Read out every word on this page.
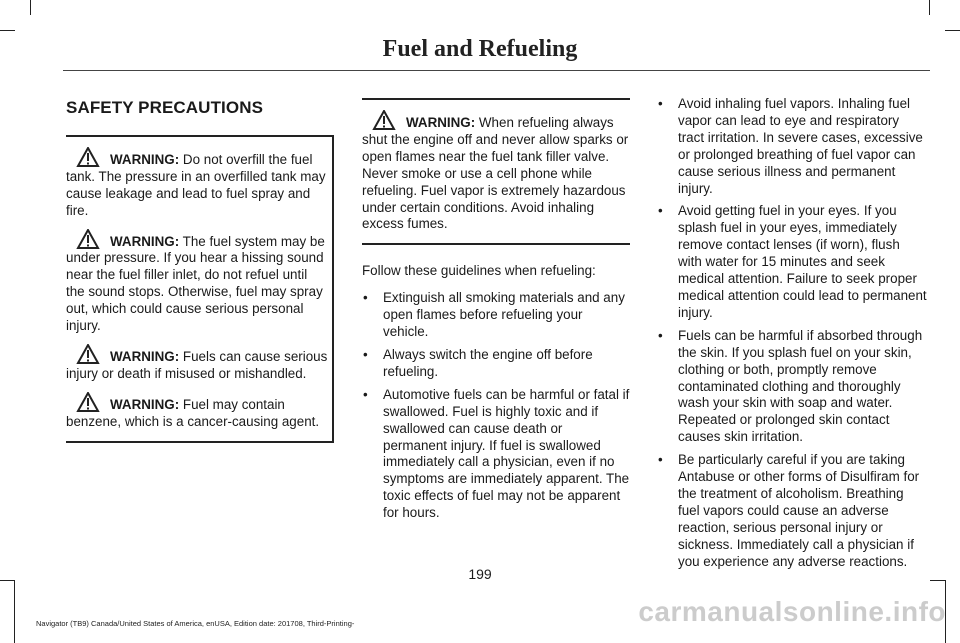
Fuel and Refueling
SAFETY PRECAUTIONS
WARNING: Do not overfill the fuel tank. The pressure in an overfilled tank may cause leakage and lead to fuel spray and fire.
WARNING: The fuel system may be under pressure. If you hear a hissing sound near the fuel filler inlet, do not refuel until the sound stops. Otherwise, fuel may spray out, which could cause serious personal injury.
WARNING: Fuels can cause serious injury or death if misused or mishandled.
WARNING: Fuel may contain benzene, which is a cancer-causing agent.
WARNING: When refueling always shut the engine off and never allow sparks or open flames near the fuel tank filler valve. Never smoke or use a cell phone while refueling. Fuel vapor is extremely hazardous under certain conditions. Avoid inhaling excess fumes.

Follow these guidelines when refueling:

• Extinguish all smoking materials and any open flames before refueling your vehicle.
• Always switch the engine off before refueling.
• Automotive fuels can be harmful or fatal if swallowed. Fuel is highly toxic and if swallowed can cause death or permanent injury. If fuel is swallowed immediately call a physician, even if no symptoms are immediately apparent. The toxic effects of fuel may not be apparent for hours.
• Avoid inhaling fuel vapors. Inhaling fuel vapor can lead to eye and respiratory tract irritation. In severe cases, excessive or prolonged breathing of fuel vapor can cause serious illness and permanent injury.
• Avoid getting fuel in your eyes. If you splash fuel in your eyes, immediately remove contact lenses (if worn), flush with water for 15 minutes and seek medical attention. Failure to seek proper medical attention could lead to permanent injury.
• Fuels can be harmful if absorbed through the skin. If you splash fuel on your skin, clothing or both, promptly remove contaminated clothing and thoroughly wash your skin with soap and water. Repeated or prolonged skin contact causes skin irritation.
• Be particularly careful if you are taking Antabuse or other forms of Disulfiram for the treatment of alcoholism. Breathing fuel vapors could cause an adverse reaction, serious personal injury or sickness. Immediately call a physician if you experience any adverse reactions.
199
Navigator (TB9) Canada/United States of America, enUSA, Edition date: 201708, Third-Printing-	carmanualsonline.info
